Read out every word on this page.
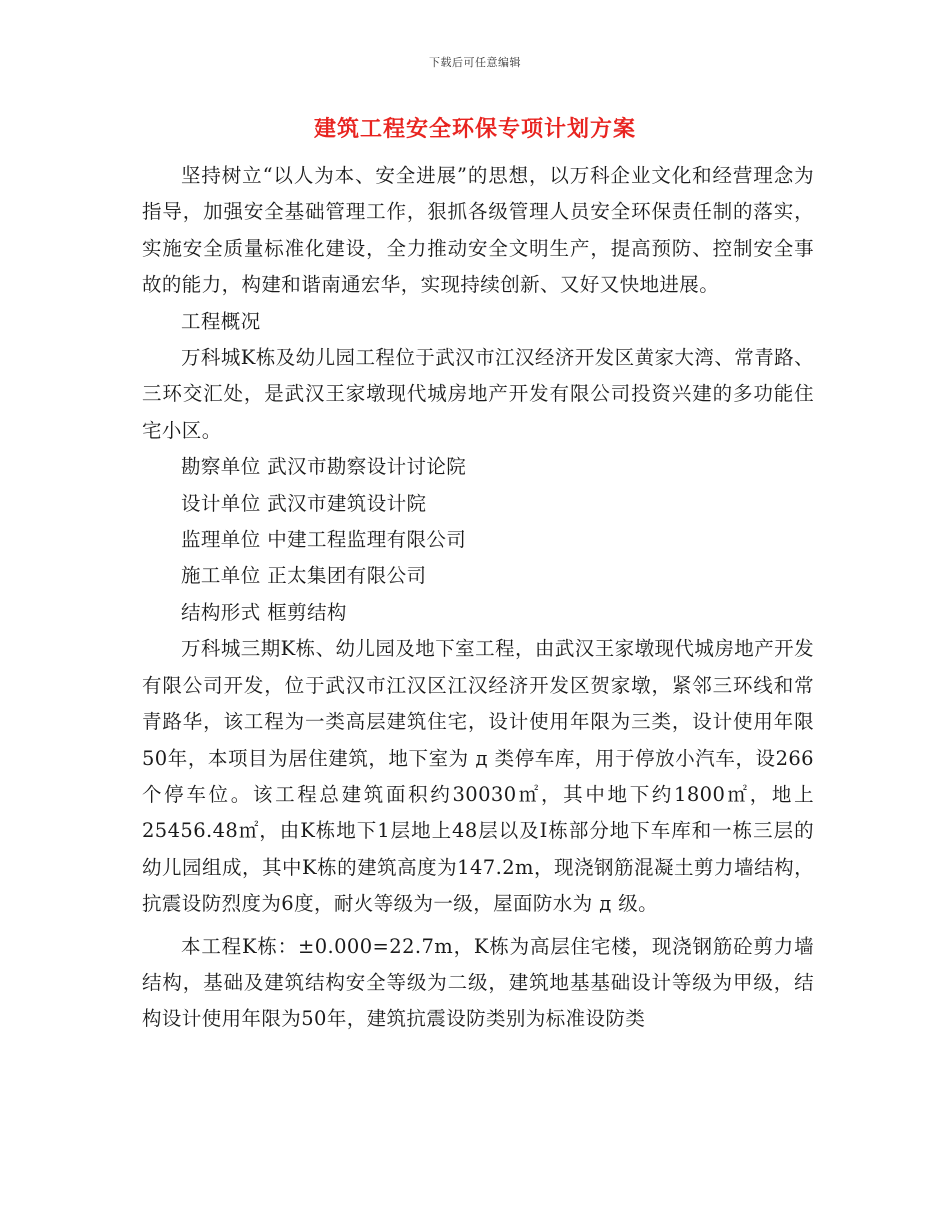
下载后可任意编辑
建筑工程安全环保专项计划方案

坚持树立“以人为本、安全进展”的思想，以万科企业文化和经营理念为指导，加强安全基础管理工作，狠抓各级管理人员安全环保责任制的落实，实施安全质量标准化建设，全力推动安全文明生产，提高预防、控制安全事故的能力，构建和谐南通宏华，实现持续创新、又好又快地进展。

工程概况

万科城K栋及幼儿园工程位于武汉市江汉经济开发区黄家大湾、常青路、三环交汇处，是武汉王家墩现代城房地产开发有限公司投资兴建的多功能住宅小区。

勘察单位 武汉市勘察设计讨论院

设计单位 武汉市建筑设计院

监理单位 中建工程监理有限公司

施工单位 正太集团有限公司

结构形式 框剪结构

万科城三期K栋、幼儿园及地下室工程，由武汉王家墩现代城房地产开发有限公司开发，位于武汉市江汉区江汉经济开发区贺家墩，紧邻三环线和常青路华，该工程为一类高层建筑住宅，设计使用年限为三类，设计使用年限50年，本项目为居住建筑，地下室为 д 类停车库，用于停放小汽车，设266个停车位。该工程总建筑面积约30030㎡，其中地下约1800㎡，地上25456.48㎡，由K栋地下1层地上48层以及I栋部分地下车库和一栋三层的幼儿园组成，其中K栋的建筑高度为147.2m，现浇钢筋混凝土剪力墙结构，抗震设防烈度为6度，耐火等级为一级，屋面防水为 д 级。

本工程K栋：±0.000=22.7m，K栋为高层住宅楼，现浇钢筋砼剪力墙结构，基础及建筑结构安全等级为二级，建筑地基基础设计等级为甲级，结构设计使用年限为50年，建筑抗震设防类别为标准设防类
